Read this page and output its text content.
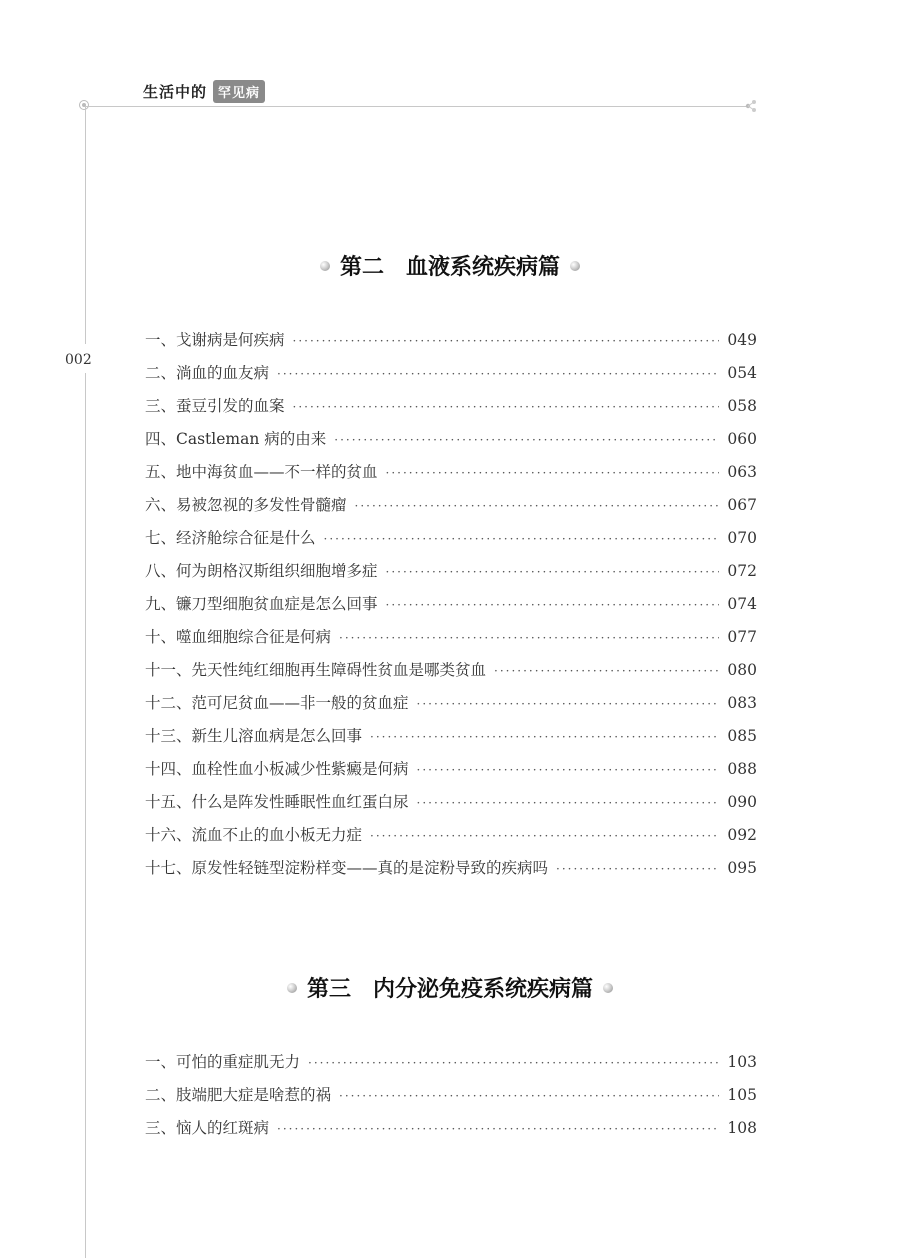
生活中的 罕见病
002
第二 血液系统疾病篇
一、戈谢病是何疾病 ·····	049
二、淌血的血友病 ·····	054
三、蚕豆引发的血案 ·····	058
四、Castleman 病的由来 ·····	060
五、地中海贫血——不一样的贫血 ·····	063
六、易被忽视的多发性骨髓瘤 ·····	067
七、经济舱综合征是什么 ·····	070
八、何为朗格汉斯组织细胞增多症 ·····	072
九、镰刀型细胞贫血症是怎么回事 ·····	074
十、噬血细胞综合征是何病 ·····	077
十一、先天性纯红细胞再生障碍性贫血是哪类贫血 ·····	080
十二、范可尼贫血——非一般的贫血症 ·····	083
十三、新生儿溶血病是怎么回事 ·····	085
十四、血栓性血小板减少性紫癜是何病 ·····	088
十五、什么是阵发性睡眠性血红蛋白尿 ·····	090
十六、流血不止的血小板无力症 ·····	092
十七、原发性轻链型淀粉样变——真的是淀粉导致的疾病吗 ·····	095
第三 内分泌免疫系统疾病篇
一、可怕的重症肌无力 ·····	103
二、肢端肥大症是啥惹的祸 ·····	105
三、恼人的红斑病 ·····	108
